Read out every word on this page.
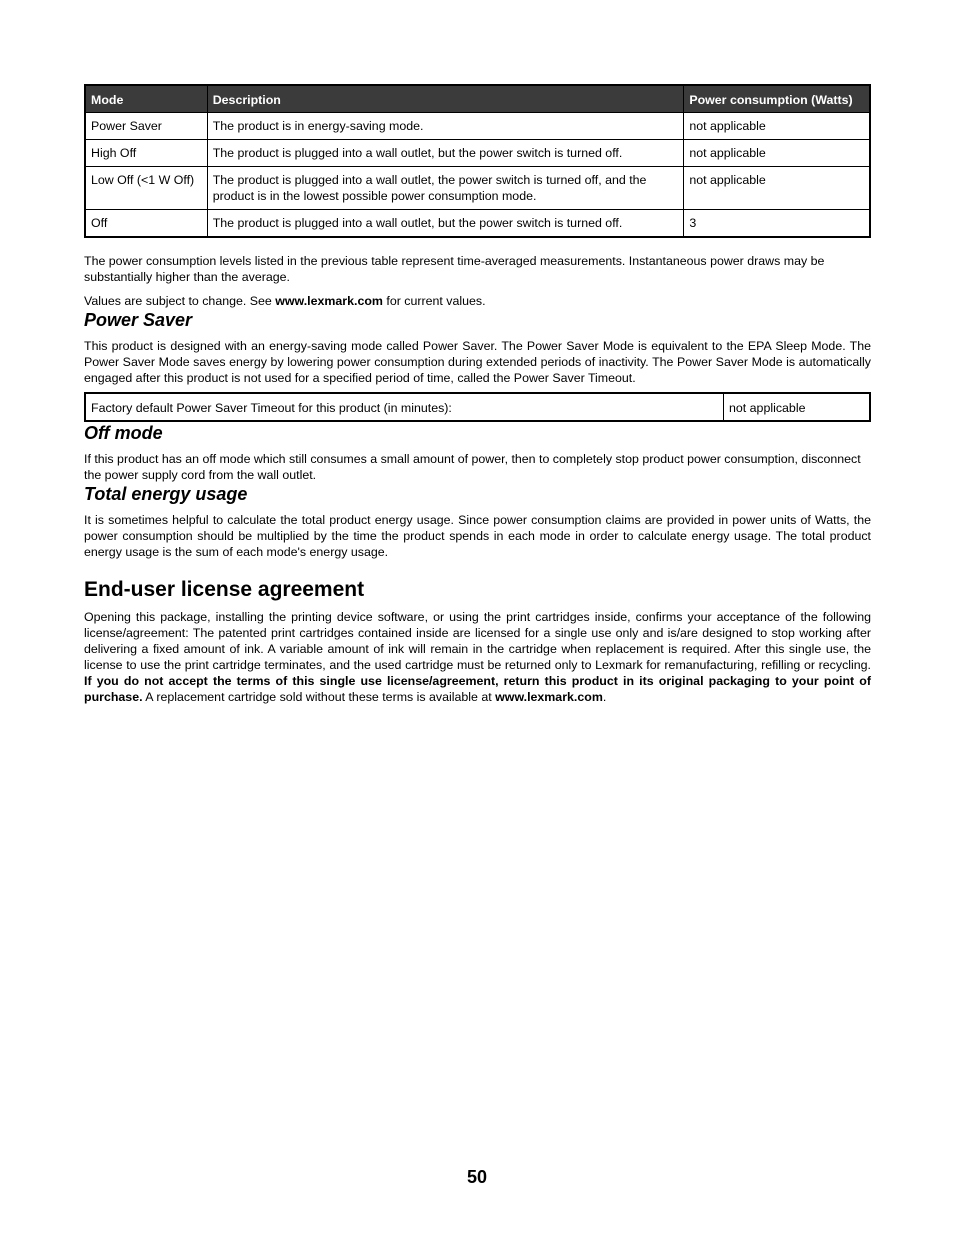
Mode	Description	Power consumption (Watts)
Power Saver	The product is in energy-saving mode.	not applicable
High Off	The product is plugged into a wall outlet, but the power switch is turned off.	not applicable
Low Off (<1 W Off)	The product is plugged into a wall outlet, the power switch is turned off, and the product is in the lowest possible power consumption mode.	not applicable
Off	The product is plugged into a wall outlet, but the power switch is turned off.	3

The power consumption levels listed in the previous table represent time-averaged measurements. Instantaneous power draws may be substantially higher than the average.

Values are subject to change. See www.lexmark.com for current values.

Power Saver

This product is designed with an energy-saving mode called Power Saver. The Power Saver Mode is equivalent to the EPA Sleep Mode. The Power Saver Mode saves energy by lowering power consumption during extended periods of inactivity. The Power Saver Mode is automatically engaged after this product is not used for a specified period of time, called the Power Saver Timeout.

Factory default Power Saver Timeout for this product (in minutes):	not applicable
Off mode

If this product has an off mode which still consumes a small amount of power, then to completely stop product power consumption, disconnect the power supply cord from the wall outlet.

Total energy usage

It is sometimes helpful to calculate the total product energy usage. Since power consumption claims are provided in power units of Watts, the power consumption should be multiplied by the time the product spends in each mode in order to calculate energy usage. The total product energy usage is the sum of each mode's energy usage.

End-user license agreement

Opening this package, installing the printing device software, or using the print cartridges inside, confirms your acceptance of the following license/agreement: The patented print cartridges contained inside are licensed for a single use only and is/are designed to stop working after delivering a fixed amount of ink. A variable amount of ink will remain in the cartridge when replacement is required. After this single use, the license to use the print cartridge terminates, and the used cartridge must be returned only to Lexmark for remanufacturing, refilling or recycling. If you do not accept the terms of this single use license/agreement, return this product in its original packaging to your point of purchase. A replacement cartridge sold without these terms is available at www.lexmark.com.

50
